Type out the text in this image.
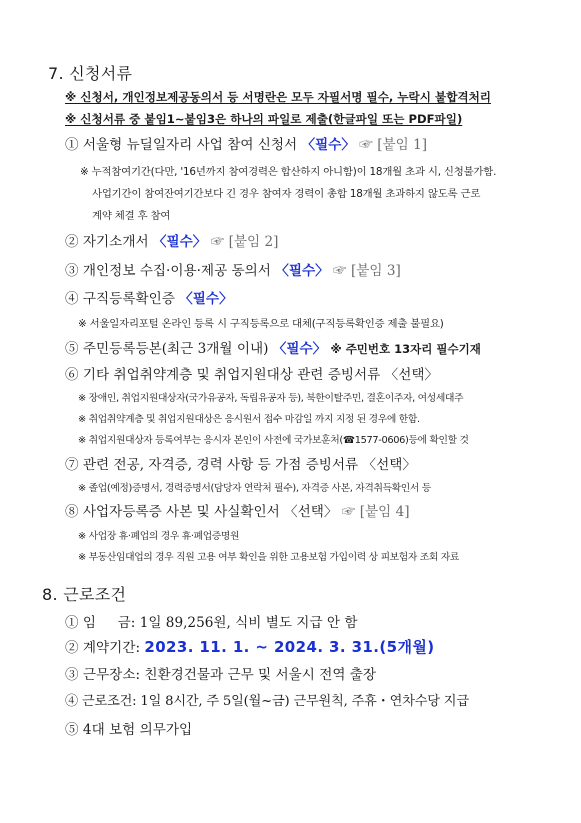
7. 신청서류
※ 신청서, 개인정보제공동의서 등 서명란은 모두 자필서명 필수, 누락시 불합격처리
※ 신청서류 중 붙임1~붙임3은 하나의 파일로 제출(한글파일 또는 PDF파일)
① 서울형 뉴딜일자리 사업 참여 신청서 〈필수〉 ☞ [붙임 1]
※ 누적참여기간(다만, '16년까지 참여경력은 합산하지 아니함)이 18개월 초과 시, 신청불가함.
사업기간이 참여잔여기간보다 긴 경우 참여자 경력이 총합 18개월 초과하지 않도록 근로
계약 체결 후 참여
② 자기소개서 〈필수〉 ☞ [붙임 2]
③ 개인정보 수집·이용·제공 동의서 〈필수〉 ☞ [붙임 3]
④ 구직등록확인증 〈필수〉
※ 서울일자리포털 온라인 등록 시 구직등록으로 대체(구직등록확인증 제출 불필요)
⑤ 주민등록등본(최근 3개월 이내) 〈필수〉 ※ 주민번호 13자리 필수기재
⑥ 기타 취업취약계층 및 취업지원대상 관련 증빙서류 〈선택〉
※ 장애인, 취업지원대상자(국가유공자, 독립유공자 등), 북한이탈주민, 결혼이주자, 여성세대주
※ 취업취약계층 및 취업지원대상은 응시원서 접수 마감일 까지 지정 된 경우에 한함.
※ 취업지원대상자 등록여부는 응시자 본인이 사전에 국가보훈처(☎1577-0606)등에 확인할 것
⑦ 관련 전공, 자격증, 경력 사항 등 가점 증빙서류 〈선택〉
※ 졸업(예정)증명서, 경력증명서(담당자 연락처 필수), 자격증 사본, 자격취득확인서 등
⑧ 사업자등록증 사본 및 사실확인서 〈선택〉 ☞ [붙임 4]
※ 사업장 휴·폐업의 경우 휴·폐업증명원
※ 부동산임대업의 경우 직원 고용 여부 확인을 위한 고용보험 가입이력 상 피보험자 조회 자료
8. 근로조건
① 임     금: 1일 89,256원, 식비 별도 지급 안 함
② 계약기간: 2023. 11. 1. ~ 2024. 3. 31.(5개월)
③ 근무장소: 친환경건물과 근무 및 서울시 전역 출장
④ 근로조건: 1일 8시간, 주 5일(월~금) 근무원칙, 주휴・연차수당 지급
⑤ 4대 보험 의무가입
